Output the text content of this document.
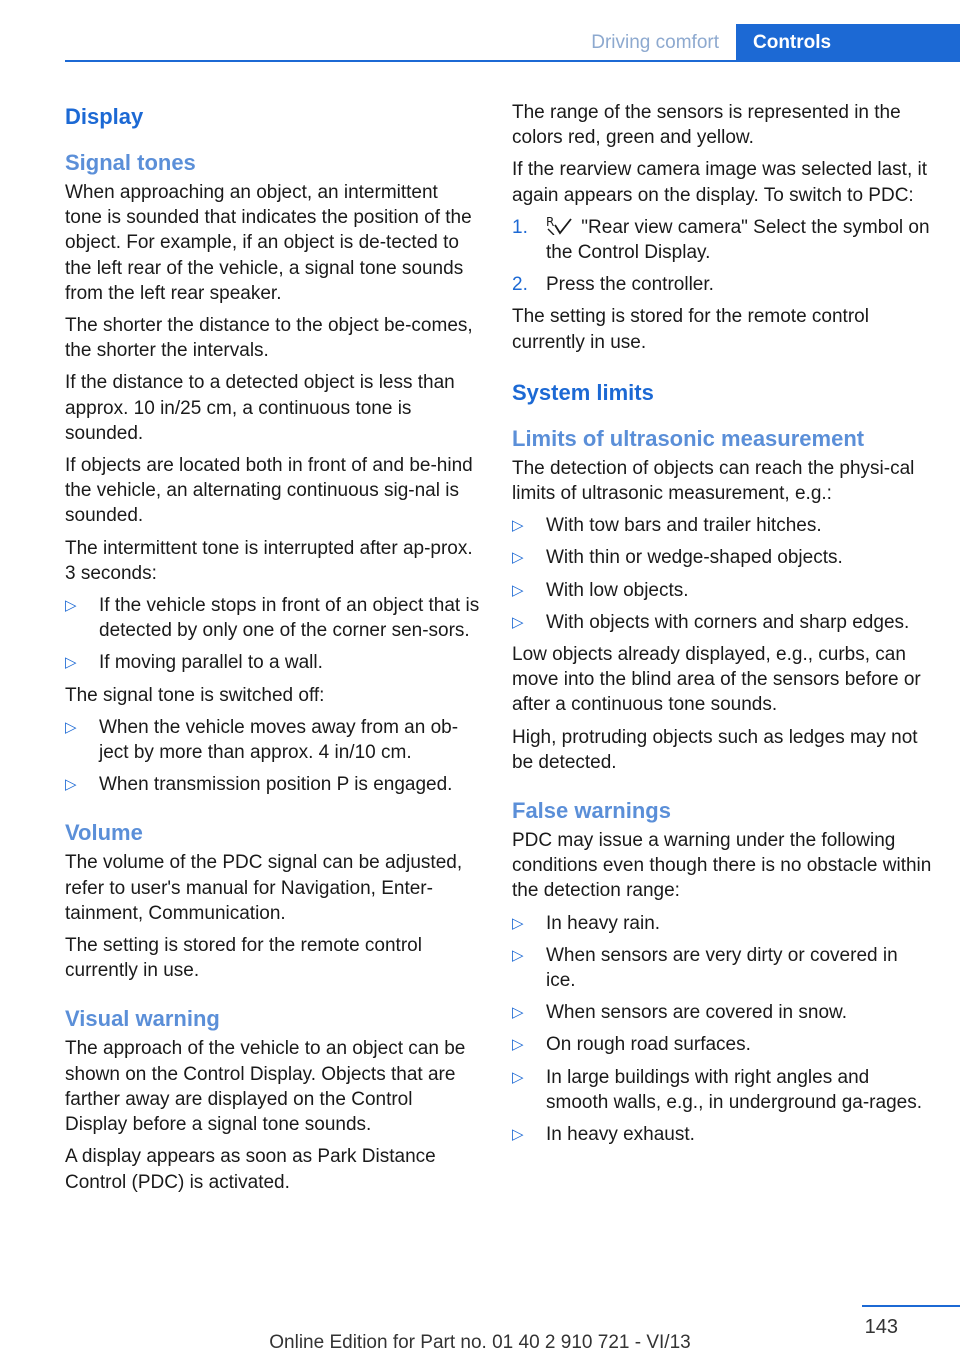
Driving comfort	Controls
Display
Signal tones

When approaching an object, an intermittent tone is sounded that indicates the position of the object. For example, if an object is de-tected to the left rear of the vehicle, a signal tone sounds from the left rear speaker.

The shorter the distance to the object be-comes, the shorter the intervals.

If the distance to a detected object is less than approx. 10 in/25 cm, a continuous tone is sounded.

If objects are located both in front of and be-hind the vehicle, an alternating continuous sig-nal is sounded.

The intermittent tone is interrupted after ap-prox. 3 seconds:

▷ If the vehicle stops in front of an object that is detected by only one of the corner sen-sors.
▷ If moving parallel to a wall.

The signal tone is switched off:

▷ When the vehicle moves away from an ob-ject by more than approx. 4 in/10 cm.
▷ When transmission position P is engaged.
Volume

The volume of the PDC signal can be adjusted, refer to user's manual for Navigation, Enter-tainment, Communication.

The setting is stored for the remote control currently in use.

Visual warning

The approach of the vehicle to an object can be shown on the Control Display. Objects that are farther away are displayed on the Control Display before a signal tone sounds.

A display appears as soon as Park Distance Control (PDC) is activated.

The range of the sensors is represented in the colors red, green and yellow.

If the rearview camera image was selected last, it again appears on the display. To switch to PDC:

1. R "Rear view camera" Select the symbol on the Control Display.
2. Press the controller.

The setting is stored for the remote control currently in use.

System limits
Limits of ultrasonic measurement

The detection of objects can reach the physi-cal limits of ultrasonic measurement, e.g.:

▷ With tow bars and trailer hitches.
▷ With thin or wedge-shaped objects.
▷ With low objects.
▷ With objects with corners and sharp edges.

Low objects already displayed, e.g., curbs, can move into the blind area of the sensors before or after a continuous tone sounds.

High, protruding objects such as ledges may not be detected.

False warnings

PDC may issue a warning under the following conditions even though there is no obstacle within the detection range:

▷ In heavy rain.
▷ When sensors are very dirty or covered in ice.
▷ When sensors are covered in snow.
▷ On rough road surfaces.
▷ In large buildings with right angles and smooth walls, e.g., in underground ga-rages.
▷ In heavy exhaust.
143
Online Edition for Part no. 01 40 2 910 721 - VI/13
